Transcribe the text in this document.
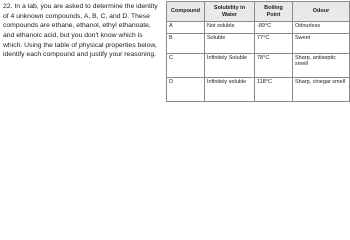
22. In a lab, you are asked to determine the identity of 4 unknown compounds, A, B, C, and D. These compounds are ethane, ethanol, ethyl ethanoate, and ethanoic acid, but you don't know which is which. Using the table of physical properties below, identify each compound and justify your reasoning.

Compound	Solubility in Water	Boiling Point	Odour
A	Not soluble	-89°C	Odourless
B	Soluble	77°C	Sweet
C	Infinitely Soluble	78°C	Sharp, antiseptic smell
D	Infinitely soluble	118°C	Sharp, vinegar smell
